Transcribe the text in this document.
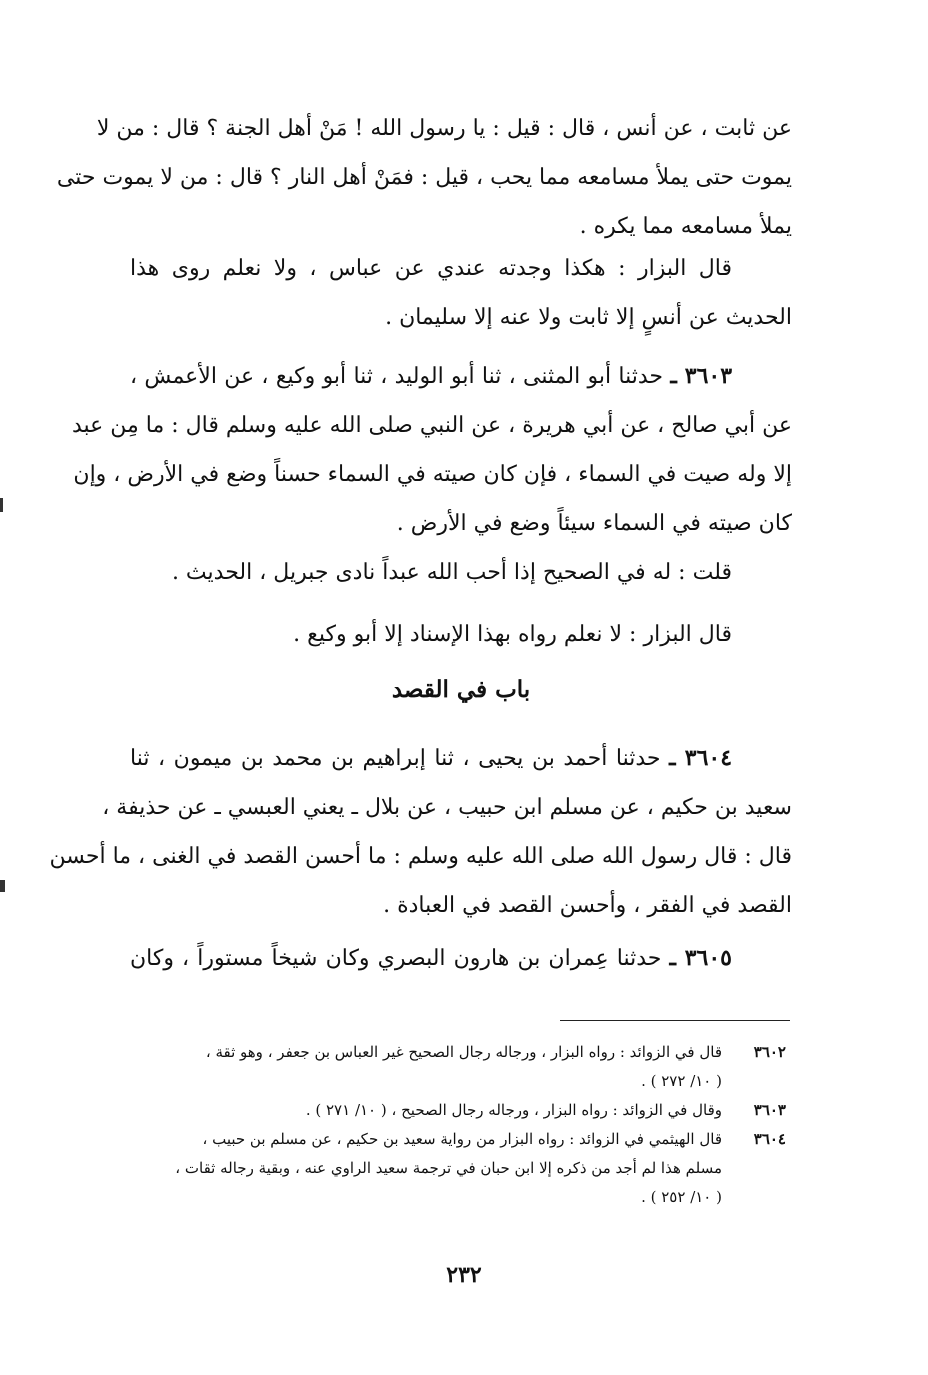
عن ثابت ، عن أنس ، قال : قيل : يا رسول الله ! مَنْ أهل الجنة ؟ قال : من لا
يموت حتى يملأ مسامعه مما يحب ، قيل : فمَنْ أهل النار ؟ قال : من لا يموت حتى
يملأ مسامعه مما يكره .
قال البزار : هكذا وجدته عندي عن عباس ، ولا نعلم روى هذا
الحديث عن أنسٍ إلا ثابت ولا عنه إلا سليمان .
٣٦٠٣ ـ حدثنا أبو المثنى ، ثنا أبو الوليد ، ثنا أبو وكيع ، عن الأعمش ،
عن أبي صالح ، عن أبي هريرة ، عن النبي صلى الله عليه وسلم قال : ما مِن عبد
إلا وله صيت في السماء ، فإن كان صيته في السماء حسناً وضع في الأرض ، وإن
كان صيته في السماء سيئاً وضع في الأرض .
قلت : له في الصحيح إذا أحب الله عبداً نادى جبريل ، الحديث .
قال البزار : لا نعلم رواه بهذا الإسناد إلا أبو وكيع .
باب في القصد
٣٦٠٤ ـ حدثنا أحمد بن يحيى ، ثنا إبراهيم بن محمد بن ميمون ، ثنا
سعيد بن حكيم ، عن مسلم ابن حبيب ، عن بلال ـ يعني العبسي ـ عن حذيفة ،
قال : قال رسول الله صلى الله عليه وسلم : ما أحسن القصد في الغنى ، ما أحسن
القصد في الفقر ، وأحسن القصد في العبادة .
٣٦٠٥ ـ حدثنا عِمران بن هارون البصري وكان شيخاً مستوراً ، وكان
٣٦٠٢
قال في الزوائد : رواه البزار ، ورجاله رجال الصحيح غير العباس بن جعفر ، وهو ثقة ،
( ١٠/ ٢٧٢ ) .
٣٦٠٣
وقال في الزوائد : رواه البزار ، ورجاله رجال الصحيح ، ( ١٠/ ٢٧١ ) .
٣٦٠٤
قال الهيثمي في الزوائد : رواه البزار من رواية سعيد بن حكيم ، عن مسلم بن حبيب ،
مسلم هذا لم أجد من ذكره إلا ابن حبان في ترجمة سعيد الراوي عنه ، وبقية رجاله ثقات ،
( ١٠/ ٢٥٢ ) .
٢٣٢
